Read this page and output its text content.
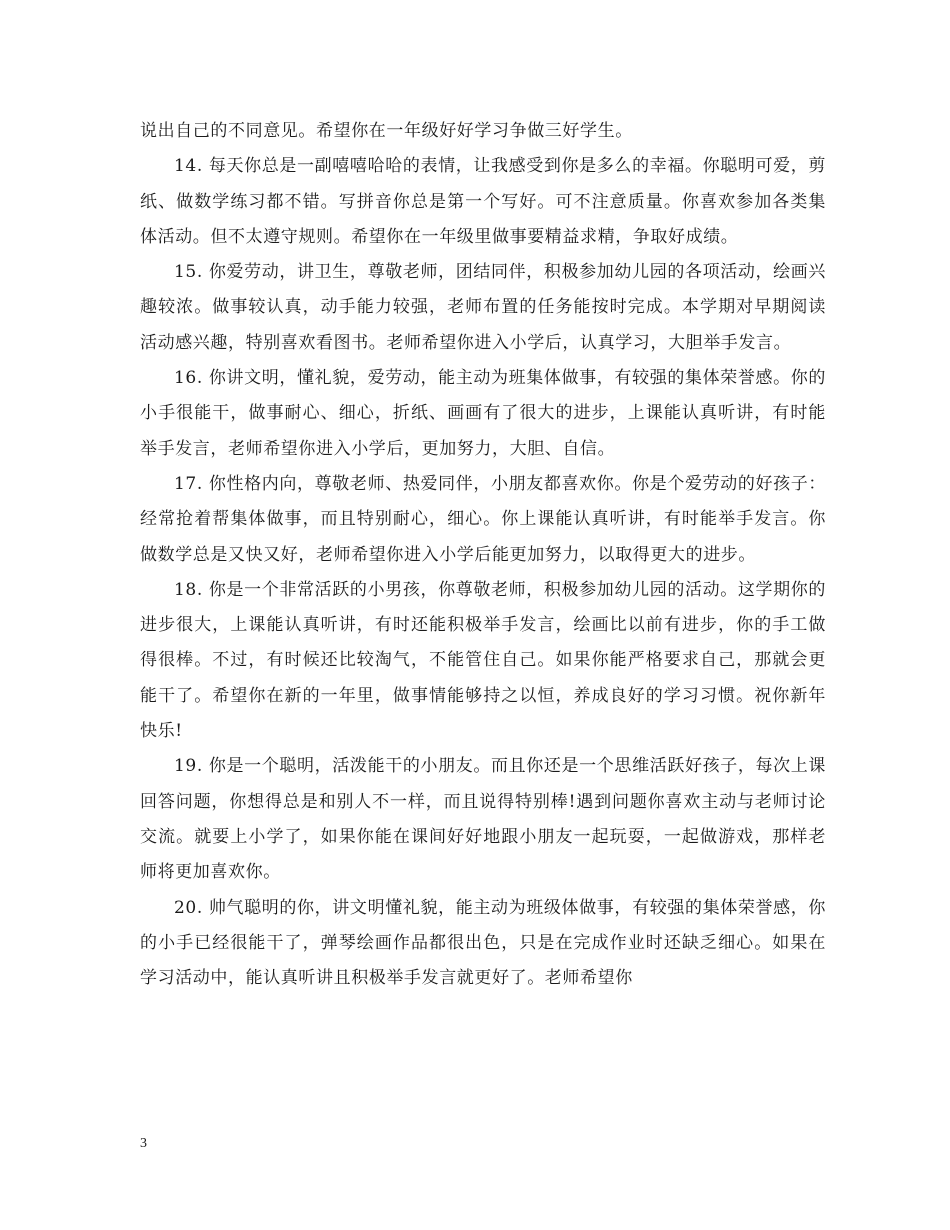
说出自己的不同意见。希望你在一年级好好学习争做三好学生。

14. 每天你总是一副嘻嘻哈哈的表情，让我感受到你是多么的幸福。你聪明可爱，剪纸、做数学练习都不错。写拼音你总是第一个写好。可不注意质量。你喜欢参加各类集体活动。但不太遵守规则。希望你在一年级里做事要精益求精，争取好成绩。

15. 你爱劳动，讲卫生，尊敬老师，团结同伴，积极参加幼儿园的各项活动，绘画兴趣较浓。做事较认真，动手能力较强，老师布置的任务能按时完成。本学期对早期阅读活动感兴趣，特别喜欢看图书。老师希望你进入小学后，认真学习，大胆举手发言。

16. 你讲文明，懂礼貌，爱劳动，能主动为班集体做事，有较强的集体荣誉感。你的小手很能干，做事耐心、细心，折纸、画画有了很大的进步，上课能认真听讲，有时能举手发言，老师希望你进入小学后，更加努力，大胆、自信。

17. 你性格内向，尊敬老师、热爱同伴，小朋友都喜欢你。你是个爱劳动的好孩子：经常抢着帮集体做事，而且特别耐心，细心。你上课能认真听讲，有时能举手发言。你做数学总是又快又好，老师希望你进入小学后能更加努力，以取得更大的进步。

18. 你是一个非常活跃的小男孩，你尊敬老师，积极参加幼儿园的活动。这学期你的进步很大，上课能认真听讲，有时还能积极举手发言，绘画比以前有进步，你的手工做得很棒。不过，有时候还比较淘气，不能管住自己。如果你能严格要求自己，那就会更能干了。希望你在新的一年里，做事情能够持之以恒，养成良好的学习习惯。祝你新年快乐!

19. 你是一个聪明，活泼能干的小朋友。而且你还是一个思维活跃好孩子，每次上课回答问题，你想得总是和别人不一样，而且说得特别棒!遇到问题你喜欢主动与老师讨论交流。就要上小学了，如果你能在课间好好地跟小朋友一起玩耍，一起做游戏，那样老师将更加喜欢你。

20. 帅气聪明的你，讲文明懂礼貌，能主动为班级体做事，有较强的集体荣誉感，你的小手已经很能干了，弹琴绘画作品都很出色，只是在完成作业时还缺乏细心。如果在学习活动中，能认真听讲且积极举手发言就更好了。老师希望你

3
